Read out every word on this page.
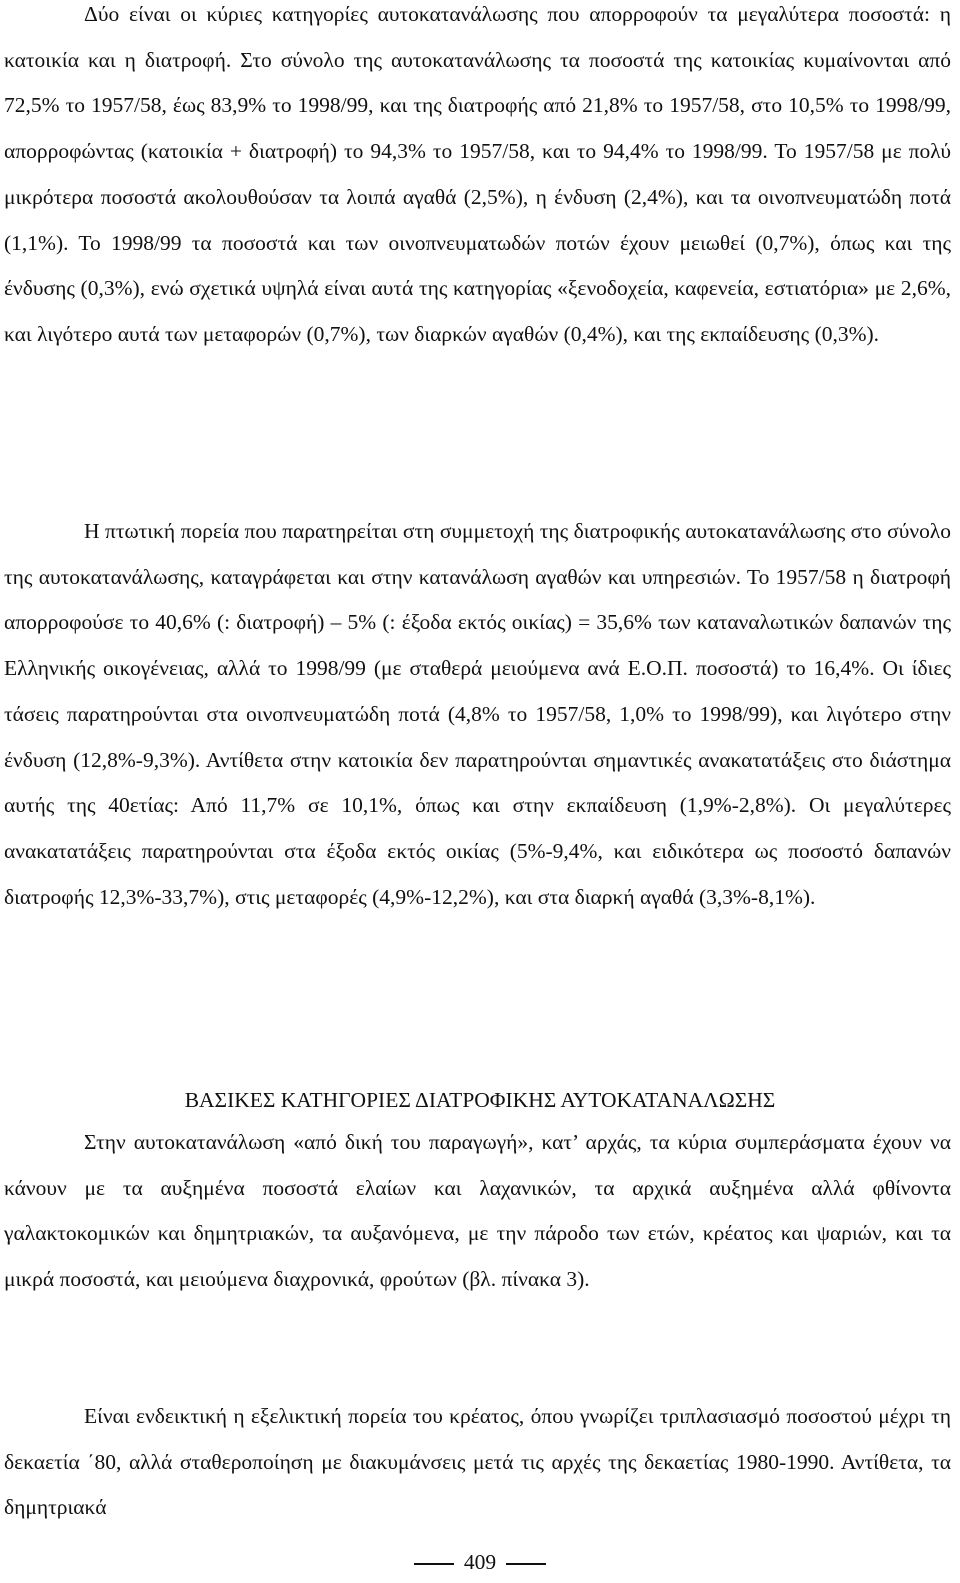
Δύο είναι οι κύριες κατηγορίες αυτοκατανάλωσης που απορροφούν τα μεγαλύτερα ποσοστά: η κατοικία και η διατροφή. Στο σύνολο της αυτοκατανάλωσης τα ποσοστά της κατοικίας κυμαίνονται από 72,5% το 1957/58, έως 83,9% το 1998/99, και της διατροφής από 21,8% το 1957/58, στο 10,5% το 1998/99, απορροφώντας (κατοικία + διατροφή) το 94,3% το 1957/58, και το 94,4% το 1998/99. Το 1957/58 με πολύ μικρότερα ποσοστά ακολουθούσαν τα λοιπά αγαθά (2,5%), η ένδυση (2,4%), και τα οινοπνευματώδη ποτά (1,1%). Το 1998/99 τα ποσοστά και των οινοπνευματωδών ποτών έχουν μειωθεί (0,7%), όπως και της ένδυσης (0,3%), ενώ σχετικά υψηλά είναι αυτά της κατηγορίας «ξενοδοχεία, καφενεία, εστιατόρια» με 2,6%, και λιγότερο αυτά των μεταφορών (0,7%), των διαρκών αγαθών (0,4%), και της εκπαίδευσης (0,3%).

Η πτωτική πορεία που παρατηρείται στη συμμετοχή της διατροφικής αυτοκατανάλωσης στο σύνολο της αυτοκατανάλωσης, καταγράφεται και στην κατανάλωση αγαθών και υπηρεσιών. Το 1957/58 η διατροφή απορροφούσε το 40,6% (: διατροφή) – 5% (: έξοδα εκτός οικίας) = 35,6% των καταναλωτικών δαπανών της Ελληνικής οικογένειας, αλλά το 1998/99 (με σταθερά μειούμενα ανά Ε.Ο.Π. ποσοστά) το 16,4%. Οι ίδιες τάσεις παρατηρούνται στα οινοπνευματώδη ποτά (4,8% το 1957/58, 1,0% το 1998/99), και λιγότερο στην ένδυση (12,8%-9,3%). Αντίθετα στην κατοικία δεν παρατηρούνται σημαντικές ανακατατάξεις στο διάστημα αυτής της 40ετίας: Από 11,7% σε 10,1%, όπως και στην εκπαίδευση (1,9%-2,8%). Οι μεγαλύτερες ανακατατάξεις παρατηρούνται στα έξοδα εκτός οικίας (5%-9,4%, και ειδικότερα ως ποσοστό δαπανών διατροφής 12,3%-33,7%), στις μεταφορές (4,9%-12,2%), και στα διαρκή αγαθά (3,3%-8,1%).

ΒΑΣΙΚΕΣ ΚΑΤΗΓΟΡΙΕΣ ΔΙΑΤΡΟΦΙΚΗΣ ΑΥΤΟΚΑΤΑΝΑΛΩΣΗΣ

Στην αυτοκατανάλωση «από δική του παραγωγή», κατ’ αρχάς, τα κύρια συμπεράσματα έχουν να κάνουν με τα αυξημένα ποσοστά ελαίων και λαχανικών, τα αρχικά αυξημένα αλλά φθίνοντα γαλακτοκομικών και δημητριακών, τα αυξανόμενα, με την πάροδο των ετών, κρέατος και ψαριών, και τα μικρά ποσοστά, και μειούμενα διαχρονικά, φρούτων (βλ. πίνακα 3).

Είναι ενδεικτική η εξελικτική πορεία του κρέατος, όπου γνωρίζει τριπλασιασμό ποσοστού μέχρι τη δεκαετία ΄80, αλλά σταθεροποίηση με διακυμάνσεις μετά τις αρχές της δεκαετίας 1980-1990. Αντίθετα, τα δημητριακά

409
